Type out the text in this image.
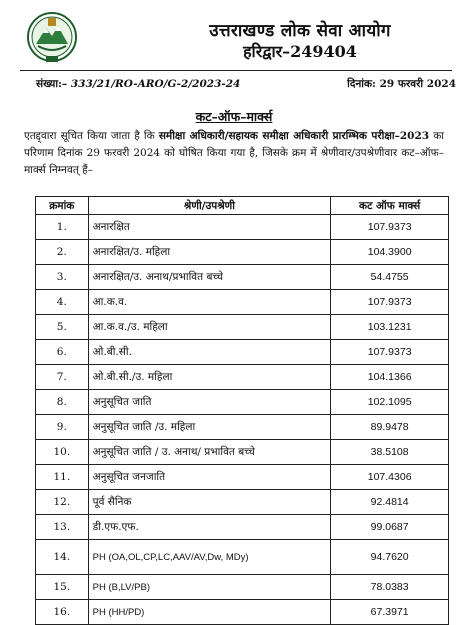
उत्तराखण्ड लोक सेवा आयोग
हरिद्वार–249404
संख्या:– 333/21/RO-ARO/G-2/2023-24	दिनांक: 29 फरवरी 2024
कट–ऑफ–मार्क्स
एतद्द्वारा सूचित किया जाता है कि समीक्षा अधिकारी/सहायक समीक्षा अधिकारी प्रारम्भिक परीक्षा–2023 का परिणाम दिनांक 29 फरवरी 2024 को घोषित किया गया है, जिसके क्रम में श्रेणीवार/उपश्रेणीवार कट–ऑफ–मार्क्स निम्नवत् हैं–
क्रमांक	श्रेणी/उपश्रेणी	कट ऑफ मार्क्स
1.	अनारक्षित	107.9373
2.	अनारक्षित/उ. महिला	104.3900
3.	अनारक्षित/उ. अनाथ/प्रभावित बच्चे	54.4755
4.	आ.क.व.	107.9373
5.	आ.क.व./उ. महिला	103.1231
6.	ओ.बी.सी.	107.9373
7.	ओ.बी.सी./उ. महिला	104.1366
8.	अनुसूचित जाति	102.1095
9.	अनुसूचित जाति /उ. महिला	89.9478
10.	अनुसूचित जाति / उ. अनाथ/ प्रभावित बच्चे	38.5108
11.	अनुसूचित जनजाति	107.4306
12.	पूर्व सैनिक	92.4814
13.	डी.एफ.एफ.	99.0687
14.	PH (OA,OL,CP,LC,AAV/AV,Dw, MDy)	94.7620
15.	PH (B,LV/PB)	78.0383
16.	PH (HH/PD)	67.3971
